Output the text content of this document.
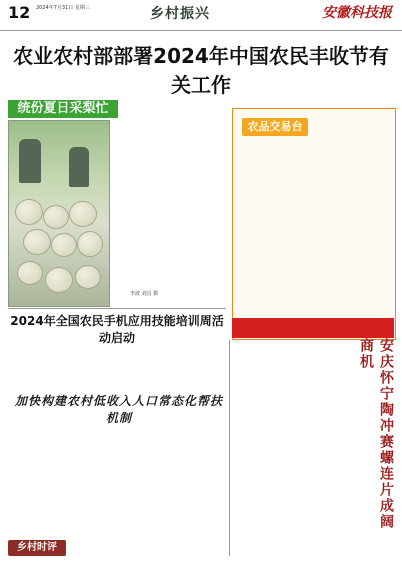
12 2024年7月31日 星期三	乡村振兴	安徽科技报
农业农村部部署2024年中国农民丰收节有关工作
统份夏日采梨忙
李波 刘昌 摄
农品交易台
2024年全国农民手机应用技能培训周活动启动
加快构建农村低收入人口常态化帮扶机制
乡村时评
安庆怀宁陶冲赛螺连片成阔商机
